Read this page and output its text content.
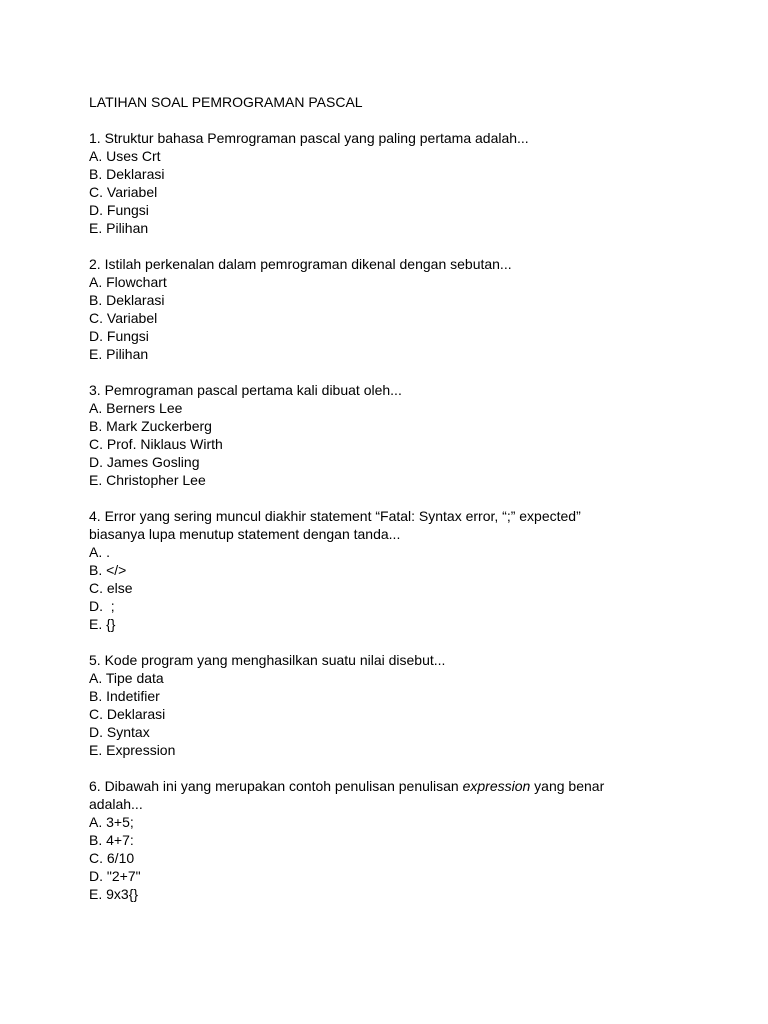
LATIHAN SOAL PEMROGRAMAN PASCAL
1. Struktur bahasa Pemrograman pascal yang paling pertama adalah...
A. Uses Crt
B. Deklarasi
C. Variabel
D. Fungsi
E. Pilihan
2. Istilah perkenalan dalam pemrograman dikenal dengan sebutan...
A. Flowchart
B. Deklarasi
C. Variabel
D. Fungsi
E. Pilihan
3. Pemrograman pascal pertama kali dibuat oleh...
A. Berners Lee
B. Mark Zuckerberg
C. Prof. Niklaus Wirth
D. James Gosling
E. Christopher Lee
4. Error yang sering muncul diakhir statement “Fatal: Syntax error, “;” expected” biasanya lupa menutup statement dengan tanda...
A. .
B. </>
C. else
D.  ;
E. {}
5. Kode program yang menghasilkan suatu nilai disebut...
A. Tipe data
B. Indetifier
C. Deklarasi
D. Syntax
E. Expression
6. Dibawah ini yang merupakan contoh penulisan penulisan expression yang benar adalah...
A. 3+5;
B. 4+7:
C. 6/10
D. "2+7"
E. 9x3{}
